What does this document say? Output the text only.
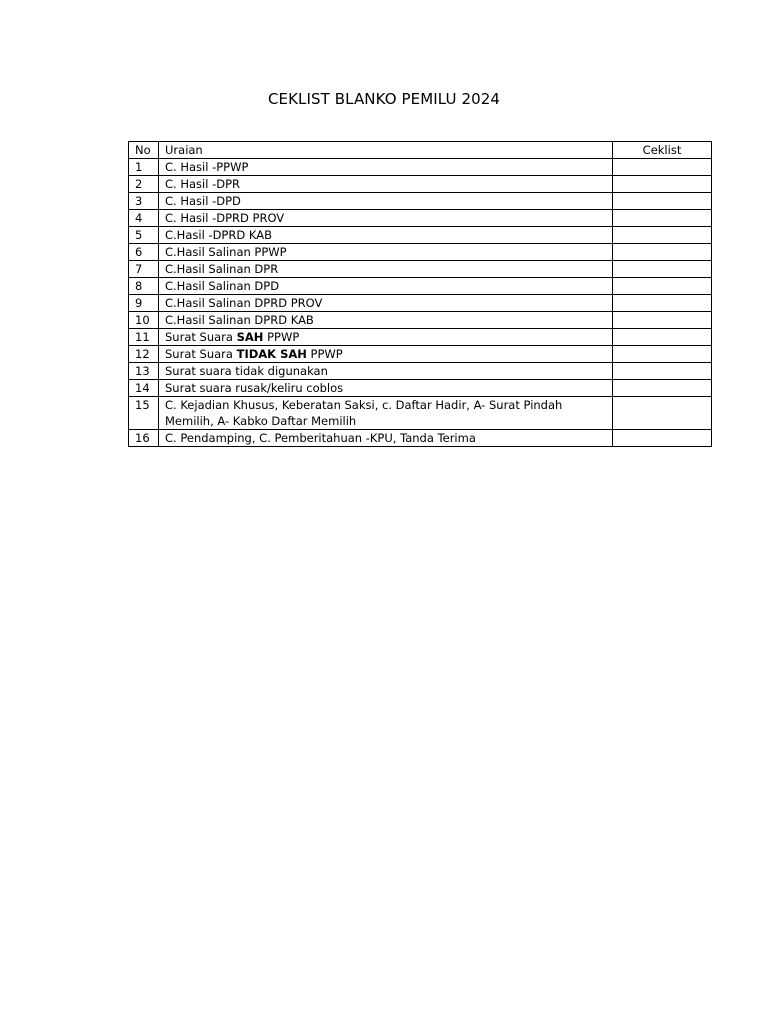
CEKLIST BLANKO PEMILU 2024
No	Uraian	Ceklist
1	C. Hasil -PPWP	
2	C. Hasil -DPR	
3	C. Hasil -DPD	
4	C. Hasil -DPRD PROV	
5	C.Hasil -DPRD KAB	
6	C.Hasil Salinan PPWP	
7	C.Hasil Salinan DPR	
8	C.Hasil Salinan DPD	
9	C.Hasil Salinan DPRD PROV	
10	C.Hasil Salinan DPRD KAB	
11	Surat Suara SAH PPWP	
12	Surat Suara TIDAK SAH PPWP	
13	Surat suara tidak digunakan	
14	Surat suara rusak/keliru coblos	
15	C. Kejadian Khusus, Keberatan Saksi, c. Daftar Hadir, A- Surat Pindah
Memilih, A- Kabko Daftar Memilih	

16	C. Pendamping, C. Pemberitahuan -KPU, Tanda Terima	
